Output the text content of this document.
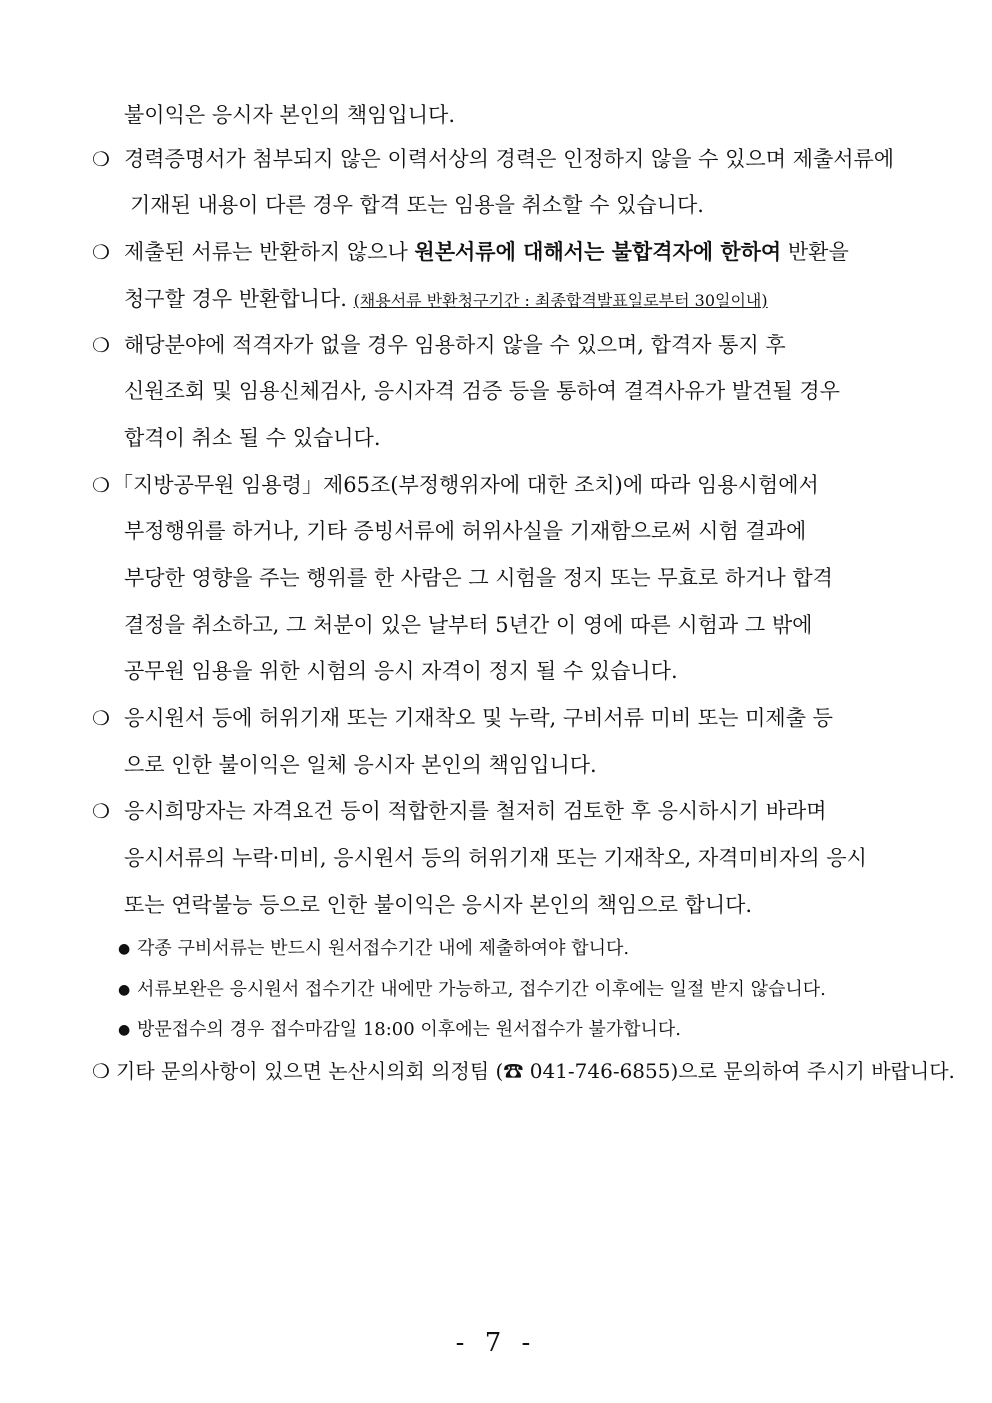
불이익은 응시자 본인의 책임입니다.
❍ 경력증명서가 첨부되지 않은 이력서상의 경력은 인정하지 않을 수 있으며 제출서류에
기재된 내용이 다른 경우 합격 또는 임용을 취소할 수 있습니다.
❍ 제출된 서류는 반환하지 않으나 원본서류에 대해서는 불합격자에 한하여 반환을
청구할 경우 반환합니다. (채용서류 반환청구기간 : 최종합격발표일로부터 30일이내)
❍ 해당분야에 적격자가 없을 경우 임용하지 않을 수 있으며, 합격자 통지 후
신원조회 및 임용신체검사, 응시자격 검증 등을 통하여 결격사유가 발견될 경우
합격이 취소 될 수 있습니다.
❍ 「지방공무원 임용령」제65조(부정행위자에 대한 조치)에 따라 임용시험에서
부정행위를 하거나, 기타 증빙서류에 허위사실을 기재함으로써 시험 결과에
부당한 영향을 주는 행위를 한 사람은 그 시험을 정지 또는 무효로 하거나 합격
결정을 취소하고, 그 처분이 있은 날부터 5년간 이 영에 따른 시험과 그 밖에
공무원 임용을 위한 시험의 응시 자격이 정지 될 수 있습니다.
❍ 응시원서 등에 허위기재 또는 기재착오 및 누락, 구비서류 미비 또는 미제출 등
으로 인한 불이익은 일체 응시자 본인의 책임입니다.
❍ 응시희망자는 자격요건 등이 적합한지를 철저히 검토한 후 응시하시기 바라며
응시서류의 누락·미비, 응시원서 등의 허위기재 또는 기재착오, 자격미비자의 응시
또는 연락불능 등으로 인한 불이익은 응시자 본인의 책임으로 합니다.
● 각종 구비서류는 반드시 원서접수기간 내에 제출하여야 합니다.
● 서류보완은 응시원서 접수기간 내에만 가능하고, 접수기간 이후에는 일절 받지 않습니다.
● 방문접수의 경우 접수마감일 18:00 이후에는 원서접수가 불가합니다.
❍ 기타 문의사항이 있으면 논산시의회 의정팀 (☎ 041-746-6855)으로 문의하여 주시기 바랍니다.
- 7 -
